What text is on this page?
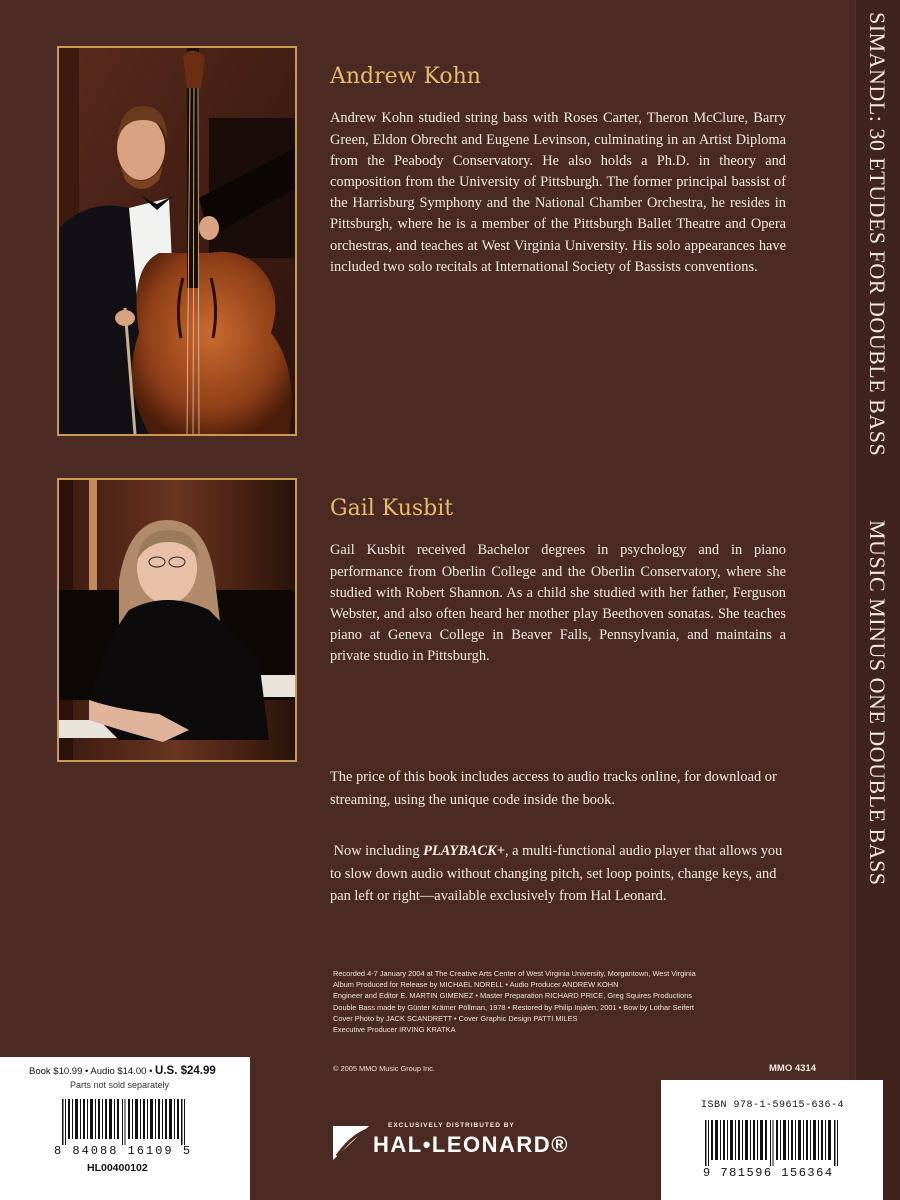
SIMANDL: 30 ETUDES FOR DOUBLE BASS
MUSIC MINUS ONE DOUBLE BASS
Andrew Kohn

Andrew Kohn studied string bass with Roses Carter, Theron McClure, Barry Green, Eldon Obrecht and Eugene Levinson, culminating in an Artist Diploma from the Peabody Conservatory. He also holds a Ph.D. in theory and composition from the University of Pittsburgh. The former principal bassist of the Harrisburg Symphony and the National Chamber Orchestra, he resides in Pittsburgh, where he is a member of the Pittsburgh Ballet Theatre and Opera orchestras, and teaches at West Virginia University. His solo appearances have included two solo recitals at International Society of Bassists conventions.

Gail Kusbit

Gail Kusbit received Bachelor degrees in psychology and in piano performance from Oberlin College and the Oberlin Conservatory, where she studied with Robert Shannon. As a child she studied with her father, Ferguson Webster, and also often heard her mother play Beethoven sonatas. She teaches piano at Geneva College in Beaver Falls, Pennsylvania, and maintains a private studio in Pittsburgh.

The price of this book includes access to audio tracks online, for download or streaming, using the unique code inside the book.

Now including PLAYBACK+, a multi-functional audio player that allows you to slow down audio without changing pitch, set loop points, change keys, and pan left or right—available exclusively from Hal Leonard.

Recorded 4-7 January 2004 at The Creative Arts Center of West Virginia University, Morgantown, West Virginia
Album Produced for Release by MICHAEL NORELL • Audio Producer ANDREW KOHN
Engineer and Editor E. MARTIN GIMENEZ • Master Preparation RICHARD PRICE, Greg Squires Productions
Double Bass made by Günter Krämer Pöllman, 1978 • Restored by Philip Injalen, 2001 • Bow by Lothar Seifert
Cover Photo by JACK SCANDRETT • Cover Graphic Design PATTI MILES
Executive Producer IRVING KRATKA
© 2005 MMO Music Group Inc.	MMO 4314
Book $10.99 • Audio $14.00 • U.S. $24.99
Parts not sold separately
8 84088 16109 5
HL00400102
EXCLUSIVELY DISTRIBUTED BY
HAL•LEONARD®
ISBN 978-1-59615-636-4
9 781596 156364
